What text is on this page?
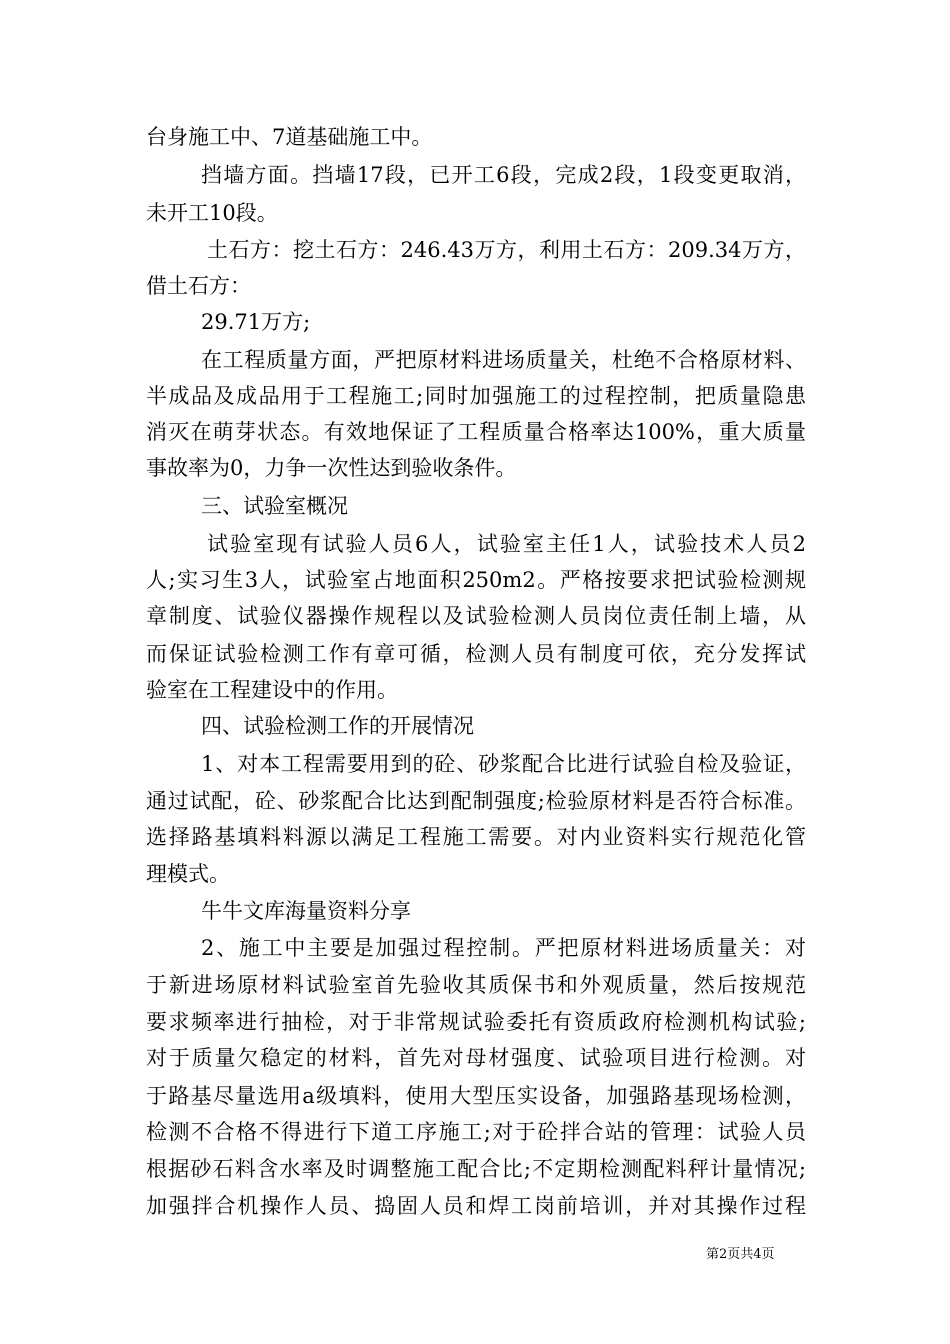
台身施工中、7道基础施工中。
挡墙方面。挡墙17段，已开工6段，完成2段，1段变更取消，
未开工10段。
土石方：挖土石方：246.43万方，利用土石方：209.34万方，
借土石方：
29.71万方;
在工程质量方面，严把原材料进场质量关，杜绝不合格原材料、
半成品及成品用于工程施工;同时加强施工的过程控制，把质量隐患
消灭在萌芽状态。有效地保证了工程质量合格率达100%，重大质量
事故率为0，力争一次性达到验收条件。
三、试验室概况
试验室现有试验人员6人，试验室主任1人，试验技术人员2
人;实习生3人，试验室占地面积250m2。严格按要求把试验检测规
章制度、试验仪器操作规程以及试验检测人员岗位责任制上墙，从
而保证试验检测工作有章可循，检测人员有制度可依，充分发挥试
验室在工程建设中的作用。
四、试验检测工作的开展情况
1、对本工程需要用到的砼、砂浆配合比进行试验自检及验证，
通过试配，砼、砂浆配合比达到配制强度;检验原材料是否符合标准。
选择路基填料料源以满足工程施工需要。对内业资料实行规范化管
理模式。
牛牛文库海量资料分享
2、施工中主要是加强过程控制。严把原材料进场质量关：对
于新进场原材料试验室首先验收其质保书和外观质量，然后按规范
要求频率进行抽检，对于非常规试验委托有资质政府检测机构试验;
对于质量欠稳定的材料，首先对母材强度、试验项目进行检测。对
于路基尽量选用a级填料，使用大型压实设备，加强路基现场检测，
检测不合格不得进行下道工序施工;对于砼拌合站的管理：试验人员
根据砂石料含水率及时调整施工配合比;不定期检测配料秤计量情况;
加强拌合机操作人员、捣固人员和焊工岗前培训，并对其操作过程
第2页共4页
